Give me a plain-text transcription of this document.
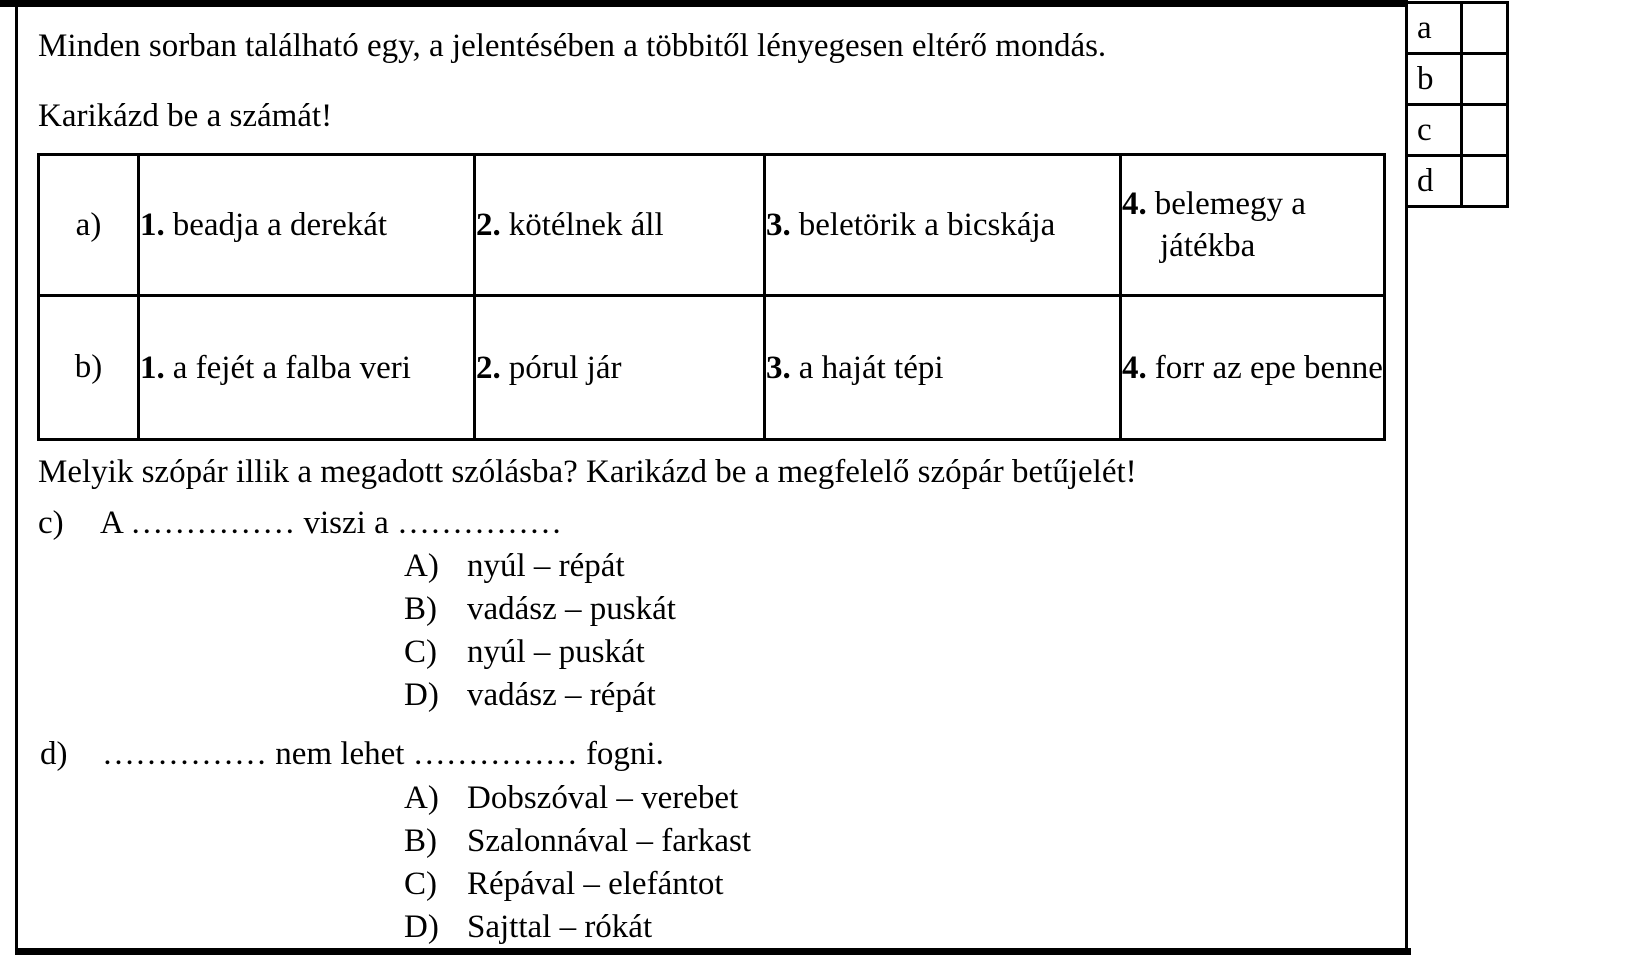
a	
b	
c	
d	
Minden sorban található egy, a jelentésében a többitől lényegesen eltérő mondás.
Karikázd be a számát!
a)	1. beadja a derekát	2. kötélnek áll	3. beletörik a bicskája	4. belemegy a játékba

b)	1. a fejét a falba veri	2. pórul jár	3. a haját tépi	4. forr az epe benne
Melyik szópár illik a megadott szólásba? Karikázd be a megfelelő szópár betűjelét!
c) A …………… viszi a ……………
A) nyúl – répát
B) vadász – puskát
C) nyúl – puskát
D) vadász – répát
d) …………… nem lehet …………… fogni.
A) Dobszóval – verebet
B) Szalonnával – farkast
C) Répával – elefántot
D) Sajttal – rókát
